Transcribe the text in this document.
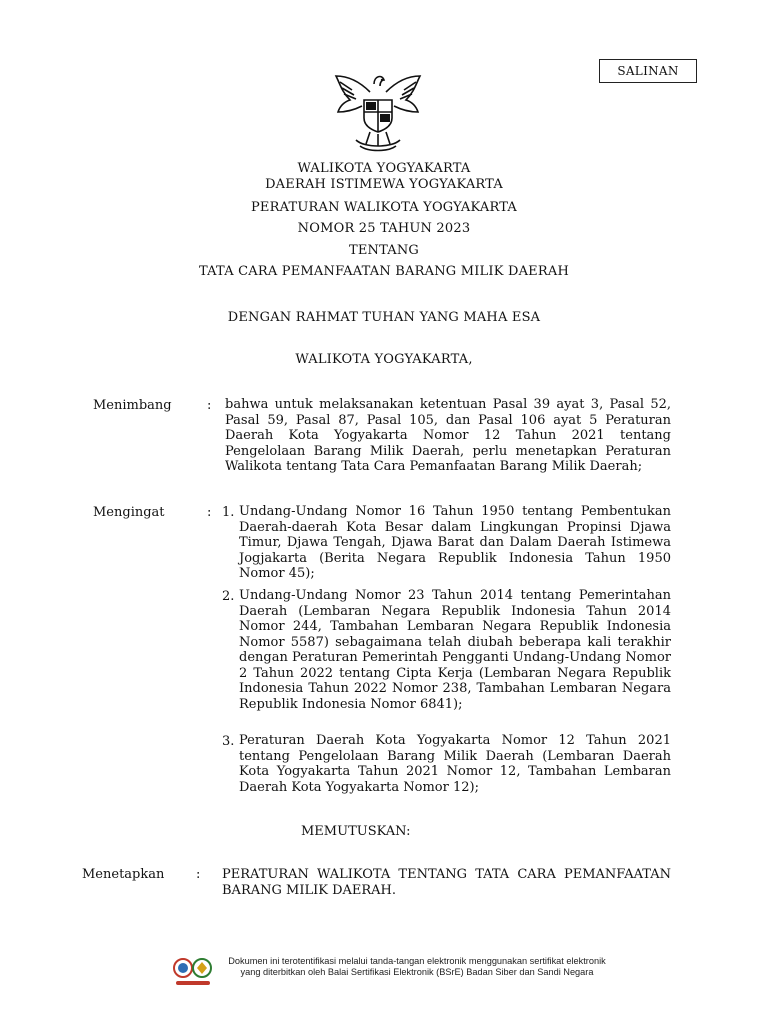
SALINAN
WALIKOTA YOGYAKARTA
DAERAH ISTIMEWA YOGYAKARTA
PERATURAN WALIKOTA YOGYAKARTA
NOMOR 25 TAHUN 2023
TENTANG
TATA CARA PEMANFAATAN BARANG MILIK DAERAH
DENGAN RAHMAT TUHAN YANG MAHA ESA
WALIKOTA YOGYAKARTA,
Menimbang	: bahwa untuk melaksanakan ketentuan Pasal 39 ayat 3, Pasal 52, Pasal 59, Pasal 87, Pasal 105, dan Pasal 106 ayat 5 Peraturan Daerah Kota Yogyakarta Nomor 12 Tahun 2021 tentang Pengelolaan Barang Milik Daerah, perlu menetapkan Peraturan Walikota tentang Tata Cara Pemanfaatan Barang Milik Daerah;
Mengingat	: 1. Undang-Undang Nomor 16 Tahun 1950 tentang Pembentukan Daerah-daerah Kota Besar dalam Lingkungan Propinsi Djawa Timur, Djawa Tengah, Djawa Barat dan Dalam Daerah Istimewa Jogjakarta (Berita Negara Republik Indonesia Tahun 1950 Nomor 45);
2. Undang-Undang Nomor 23 Tahun 2014 tentang Pemerintahan Daerah (Lembaran Negara Republik Indonesia Tahun 2014 Nomor 244, Tambahan Lembaran Negara Republik Indonesia Nomor 5587) sebagaimana telah diubah beberapa kali terakhir dengan Peraturan Pemerintah Pengganti Undang-Undang Nomor 2 Tahun 2022 tentang Cipta Kerja (Lembaran Negara Republik Indonesia Tahun 2022 Nomor 238, Tambahan Lembaran Negara Republik Indonesia Nomor 6841);
3. Peraturan Daerah Kota Yogyakarta Nomor 12 Tahun 2021 tentang Pengelolaan Barang Milik Daerah (Lembaran Daerah Kota Yogyakarta Tahun 2021 Nomor 12, Tambahan Lembaran Daerah Kota Yogyakarta Nomor 12);
MEMUTUSKAN:
Menetapkan : PERATURAN WALIKOTA TENTANG TATA CARA PEMANFAATAN BARANG MILIK DAERAH.
Dokumen ini terotentifikasi melalui tanda-tangan elektronik menggunakan sertifikat elektronik
yang diterbitkan oleh Balai Sertifikasi Elektronik (BSrE) Badan Siber dan Sandi Negara
